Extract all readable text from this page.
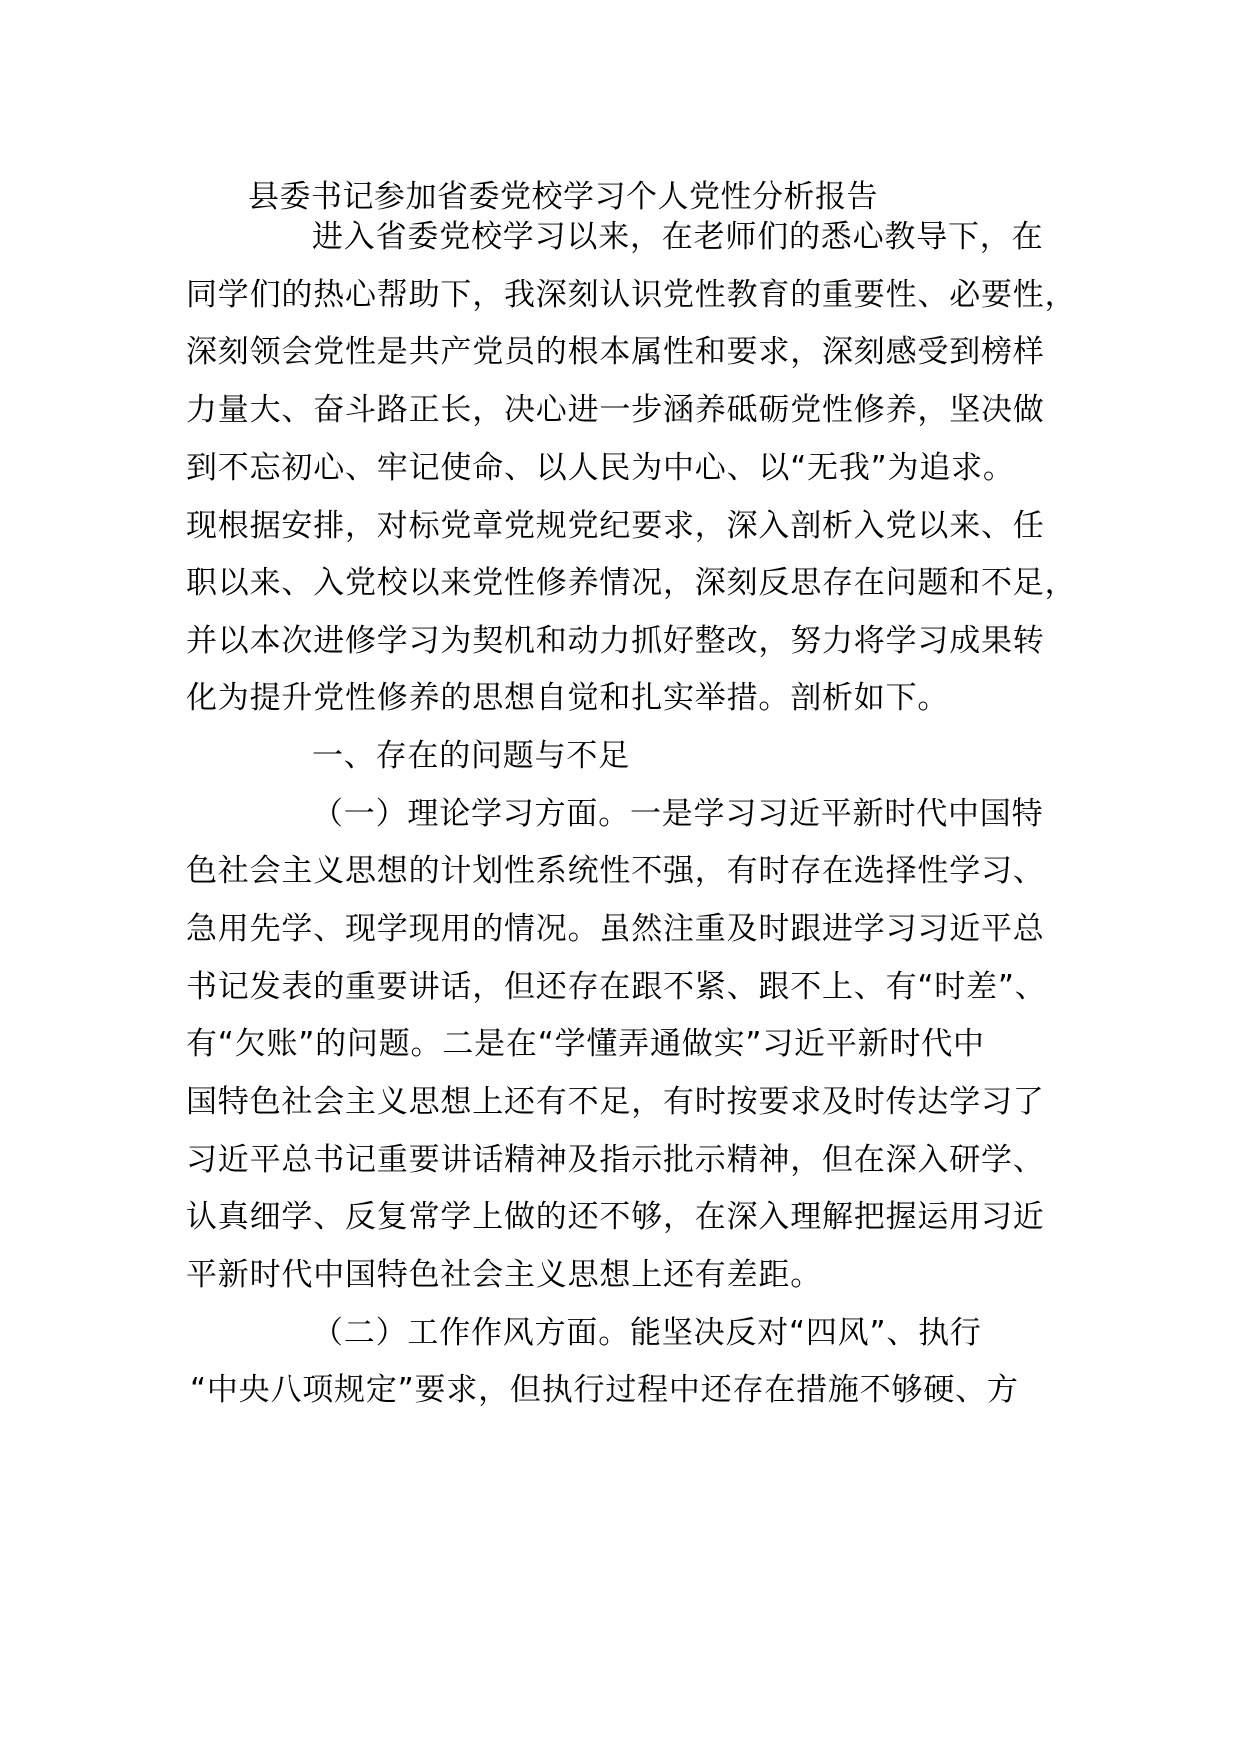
县委书记参加省委党校学习个人党性分析报告
进入省委党校学习以来，在老师们的悉心教导下，在
同学们的热心帮助下，我深刻认识党性教育的重要性、必要性，
深刻领会党性是共产党员的根本属性和要求，深刻感受到榜样
力量大、奋斗路正长，决心进一步涵养砥砺党性修养，坚决做
到不忘初心、牢记使命、以人民为中心、以“无我”为追求。
现根据安排，对标党章党规党纪要求，深入剖析入党以来、任
职以来、入党校以来党性修养情况，深刻反思存在问题和不足，
并以本次进修学习为契机和动力抓好整改，努力将学习成果转
化为提升党性修养的思想自觉和扎实举措。剖析如下。
一、存在的问题与不足
（一）理论学习方面。一是学习习近平新时代中国特
色社会主义思想的计划性系统性不强，有时存在选择性学习、
急用先学、现学现用的情况。虽然注重及时跟进学习习近平总
书记发表的重要讲话，但还存在跟不紧、跟不上、有“时差”、
有“欠账”的问题。二是在“学懂弄通做实”习近平新时代中
国特色社会主义思想上还有不足，有时按要求及时传达学习了
习近平总书记重要讲话精神及指示批示精神，但在深入研学、
认真细学、反复常学上做的还不够，在深入理解把握运用习近
平新时代中国特色社会主义思想上还有差距。
（二）工作作风方面。能坚决反对“四风”、执行
“中央八项规定”要求，但执行过程中还存在措施不够硬、方
